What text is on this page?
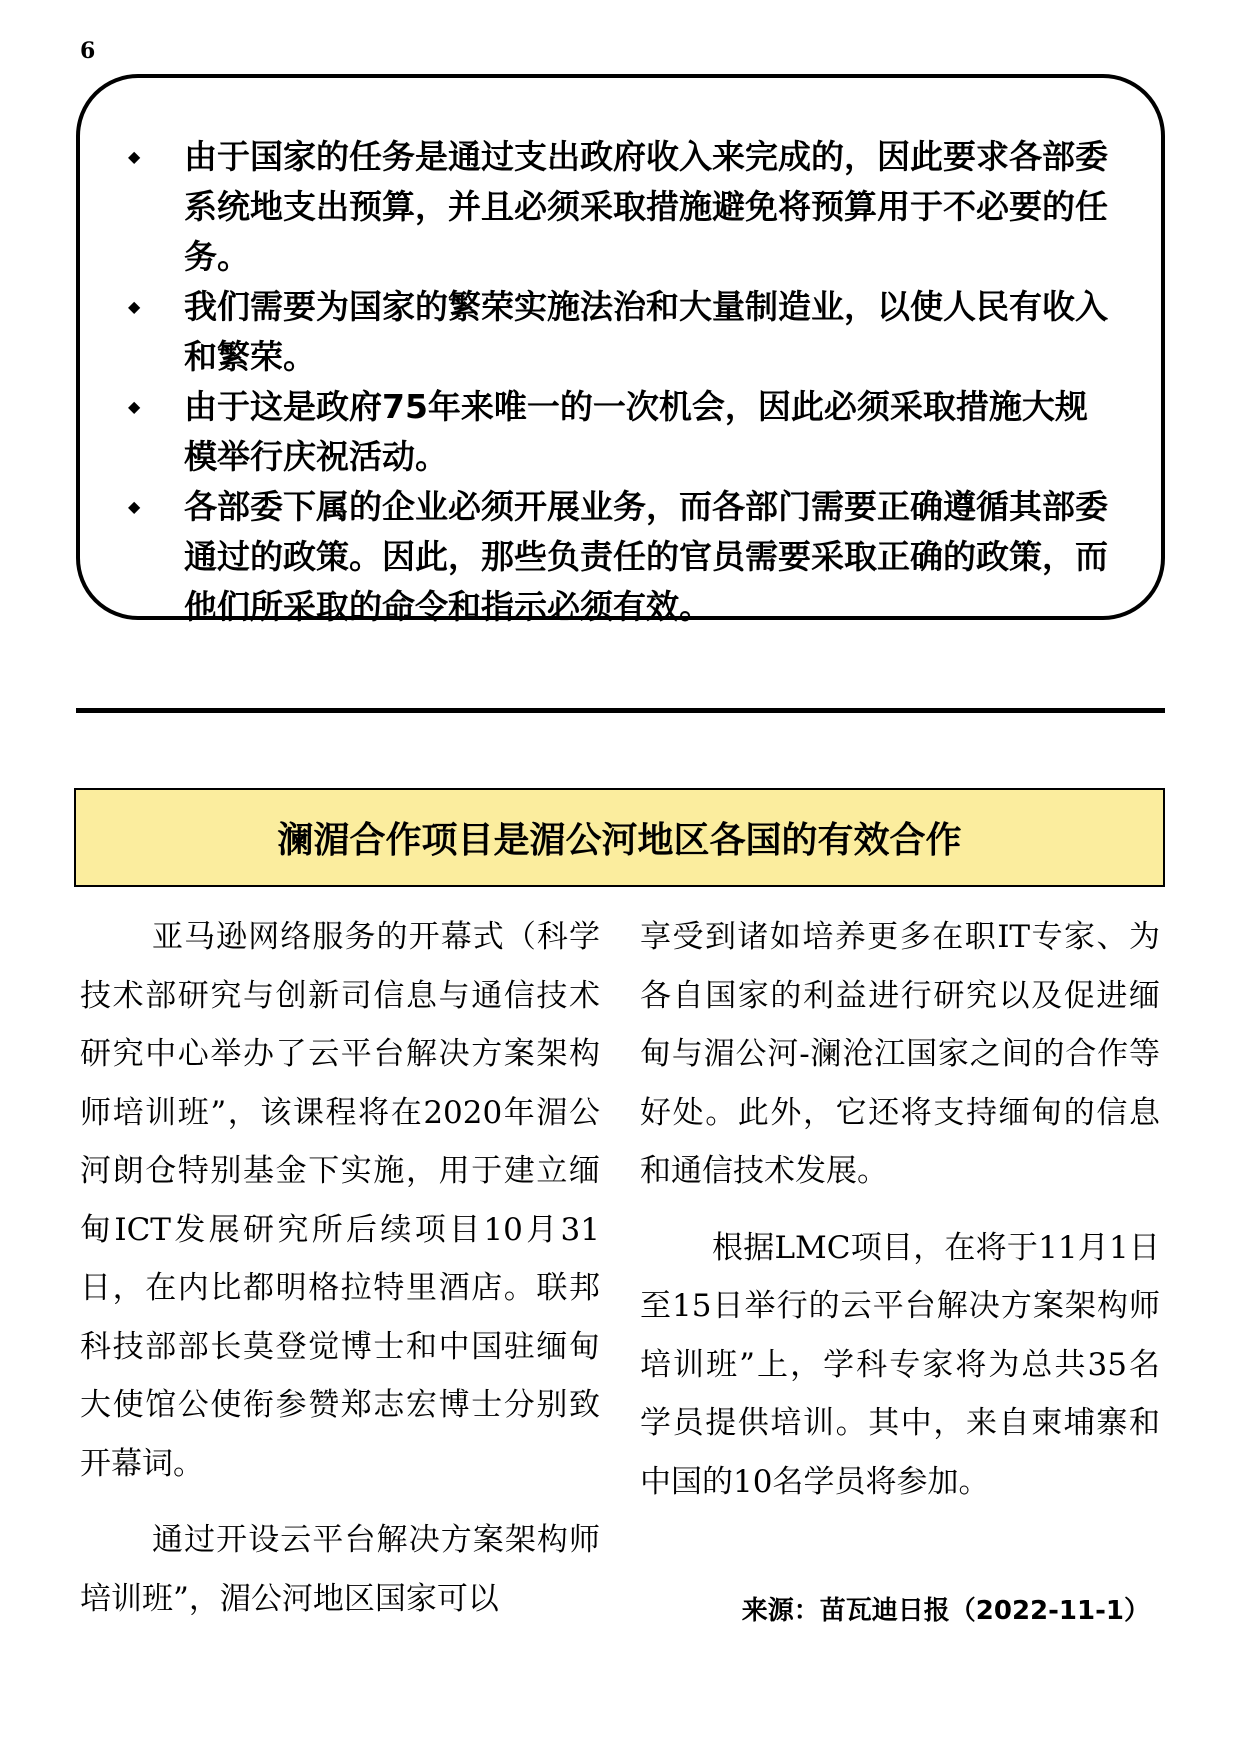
6
◆ 由于国家的任务是通过支出政府收入来完成的，因此要求各部委系统地支出预算，并且必须采取措施避免将预算用于不必要的任务。
◆ 我们需要为国家的繁荣实施法治和大量制造业，以使人民有收入和繁荣。
◆ 由于这是政府75年来唯一的一次机会，因此必须采取措施大规模举行庆祝活动。
◆ 各部委下属的企业必须开展业务，而各部门需要正确遵循其部委通过的政策。因此，那些负责任的官员需要采取正确的政策，而他们所采取的命令和指示必须有效。
澜湄合作项目是湄公河地区各国的有效合作

亚马逊网络服务的开幕式（科学技术部研究与创新司信息与通信技术研究中心举办了云平台解决方案架构师培训班”，该课程将在2020年湄公河朗仓特别基金下实施，用于建立缅甸ICT发展研究所后续项目10月31日，在内比都明格拉特里酒店。联邦科技部部长莫登觉博士和中国驻缅甸大使馆公使衔参赞郑志宏博士分别致开幕词。

通过开设云平台解决方案架构师培训班”，湄公河地区国家可以

享受到诸如培养更多在职IT专家、为各自国家的利益进行研究以及促进缅甸与湄公河-澜沧江国家之间的合作等好处。此外，它还将支持缅甸的信息和通信技术发展。

根据LMC项目，在将于11月1日至15日举行的云平台解决方案架构师培训班”上，学科专家将为总共35名学员提供培训。其中，来自柬埔寨和中国的10名学员将参加。

来源：苗瓦迪日报（2022-11-1）
